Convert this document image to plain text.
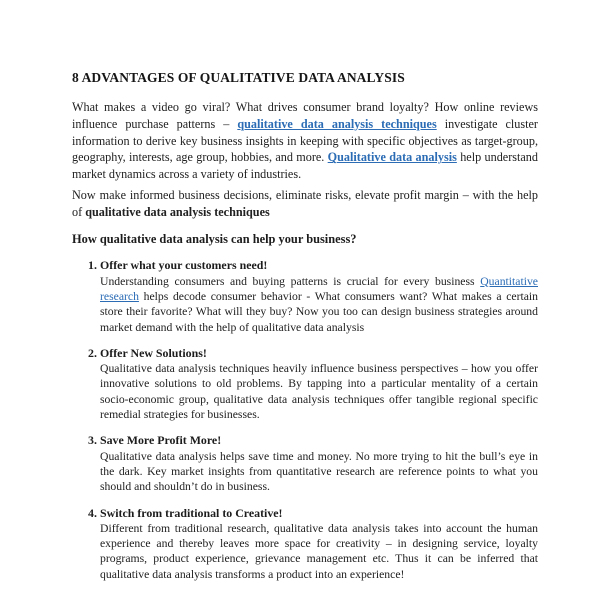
8 ADVANTAGES OF QUALITATIVE DATA ANALYSIS

What makes a video go viral? What drives consumer brand loyalty? How online reviews influence purchase patterns – qualitative data analysis techniques investigate cluster information to derive key business insights in keeping with specific objectives as target-group, geography, interests, age group, hobbies, and more. Qualitative data analysis help understand market dynamics across a variety of industries.

Now make informed business decisions, eliminate risks, elevate profit margin – with the help of qualitative data analysis techniques

How qualitative data analysis can help your business?
1. Offer what your customers need!
Understanding consumers and buying patterns is crucial for every business Quantitative research helps decode consumer behavior - What consumers want? What makes a certain store their favorite? What will they buy? Now you too can design business strategies around market demand with the help of qualitative data analysis
2. Offer New Solutions!
Qualitative data analysis techniques heavily influence business perspectives – how you offer innovative solutions to old problems. By tapping into a particular mentality of a certain socio-economic group, qualitative data analysis techniques offer tangible regional specific remedial strategies for businesses.
3. Save More Profit More!
Qualitative data analysis helps save time and money. No more trying to hit the bull’s eye in the dark. Key market insights from quantitative research are reference points to what you should and shouldn’t do in business.
4. Switch from traditional to Creative!
Different from traditional research, qualitative data analysis takes into account the human experience and thereby leaves more space for creativity – in designing service, loyalty programs, product experience, grievance management etc. Thus it can be inferred that qualitative data analysis transforms a product into an experience!
